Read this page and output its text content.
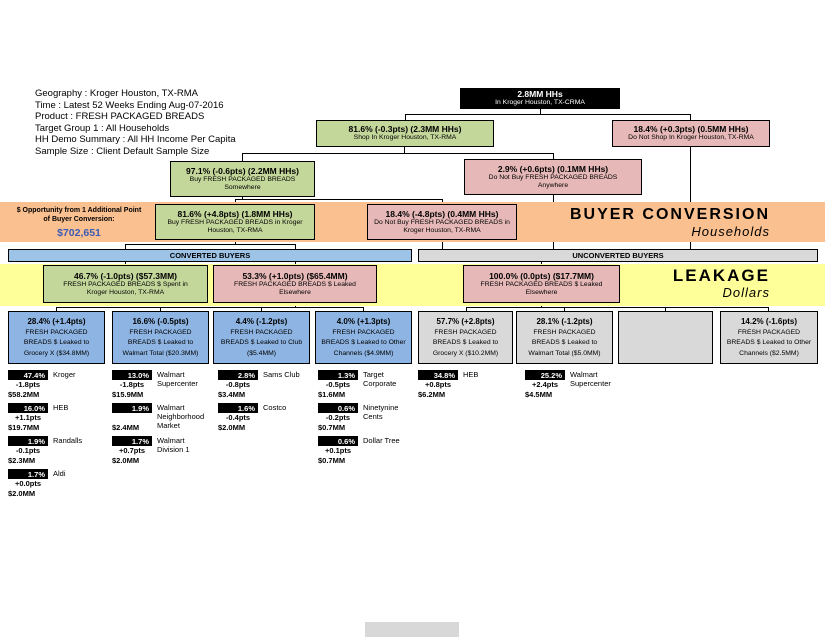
Geography : Kroger Houston, TX-RMA
Time : Latest 52 Weeks Ending Aug-07-2016
Product : FRESH PACKAGED BREADS
Target Group 1 : All Households
HH Demo Summary : All HH Income Per Capita
Sample Size : Client Default Sample Size
2.8MM HHs
In Kroger Houston, TX-CRMA
81.6% (-0.3pts) (2.3MM HHs)
Shop In Kroger Houston, TX-RMA
18.4% (+0.3pts) (0.5MM HHs)
Do Not Shop In Kroger Houston, TX-RMA
97.1% (-0.6pts) (2.2MM HHs)
Buy FRESH PACKAGED BREADS
Somewhere
2.9% (+0.6pts) (0.1MM HHs)
Do Not Buy FRESH PACKAGED BREADS
Anywhere
$ Opportunity from 1 Additional Point
of Buyer Conversion:
$702,651
81.6% (+4.8pts) (1.8MM HHs)
Buy FRESH PACKAGED BREADS in Kroger
Houston, TX-RMA
18.4% (-4.8pts) (0.4MM HHs)
Do Not Buy FRESH PACKAGED BREADS in
Kroger Houston, TX-RMA
BUYER CONVERSION
Households
CONVERTED BUYERS	UNCONVERTED BUYERS
46.7% (-1.0pts) ($57.3MM)
FRESH PACKAGED BREADS $ Spent in
Kroger Houston, TX-RMA
53.3% (+1.0pts) ($65.4MM)
FRESH PACKAGED BREADS $ Leaked
Elsewhere
100.0% (0.0pts) ($17.7MM)
FRESH PACKAGED BREADS $ Leaked
Elsewhere
LEAKAGE
Dollars
28.4% (+1.4pts)
FRESH PACKAGED
BREADS $ Leaked to
Grocery X ($34.8MM)
16.6% (-0.5pts)
FRESH PACKAGED
BREADS $ Leaked to
Walmart Total ($20.3MM)
4.4% (-1.2pts)
FRESH PACKAGED
BREADS $ Leaked to Club
($5.4MM)
4.0% (+1.3pts)
FRESH PACKAGED
BREADS $ Leaked to Other
Channels ($4.9MM)
57.7% (+2.8pts)
FRESH PACKAGED
BREADS $ Leaked to
Grocery X ($10.2MM)
28.1% (-1.2pts)
FRESH PACKAGED
BREADS $ Leaked to
Walmart Total ($5.0MM)
14.2% (-1.6pts)
FRESH PACKAGED
BREADS $ Leaked to Other
Channels ($2.5MM)
47.4%	Kroger
-1.8pts
$58.2MM
16.0%	HEB
+1.1pts
$19.7MM
1.9%	Randalls
-0.1pts
$2.3MM
1.7%	Aldi
+0.0pts
$2.0MM
13.0%	Walmart Supercenter
-1.8pts
$15.9MM
1.9%	Walmart Neighborhood Market
$2.4MM
1.7%	Walmart Division 1
+0.7pts
$2.0MM
2.8%	Sams Club
-0.8pts
$3.4MM
1.6%	Costco
-0.4pts
$2.0MM
1.3%	Target Corporate
-0.5pts
$1.6MM
0.6%	Ninetynine Cents
-0.2pts
$0.7MM
0.6%	Dollar Tree
+0.1pts
$0.7MM
34.8%	HEB
+0.8pts
$6.2MM
25.2%	Walmart Supercenter
+2.4pts
$4.5MM
